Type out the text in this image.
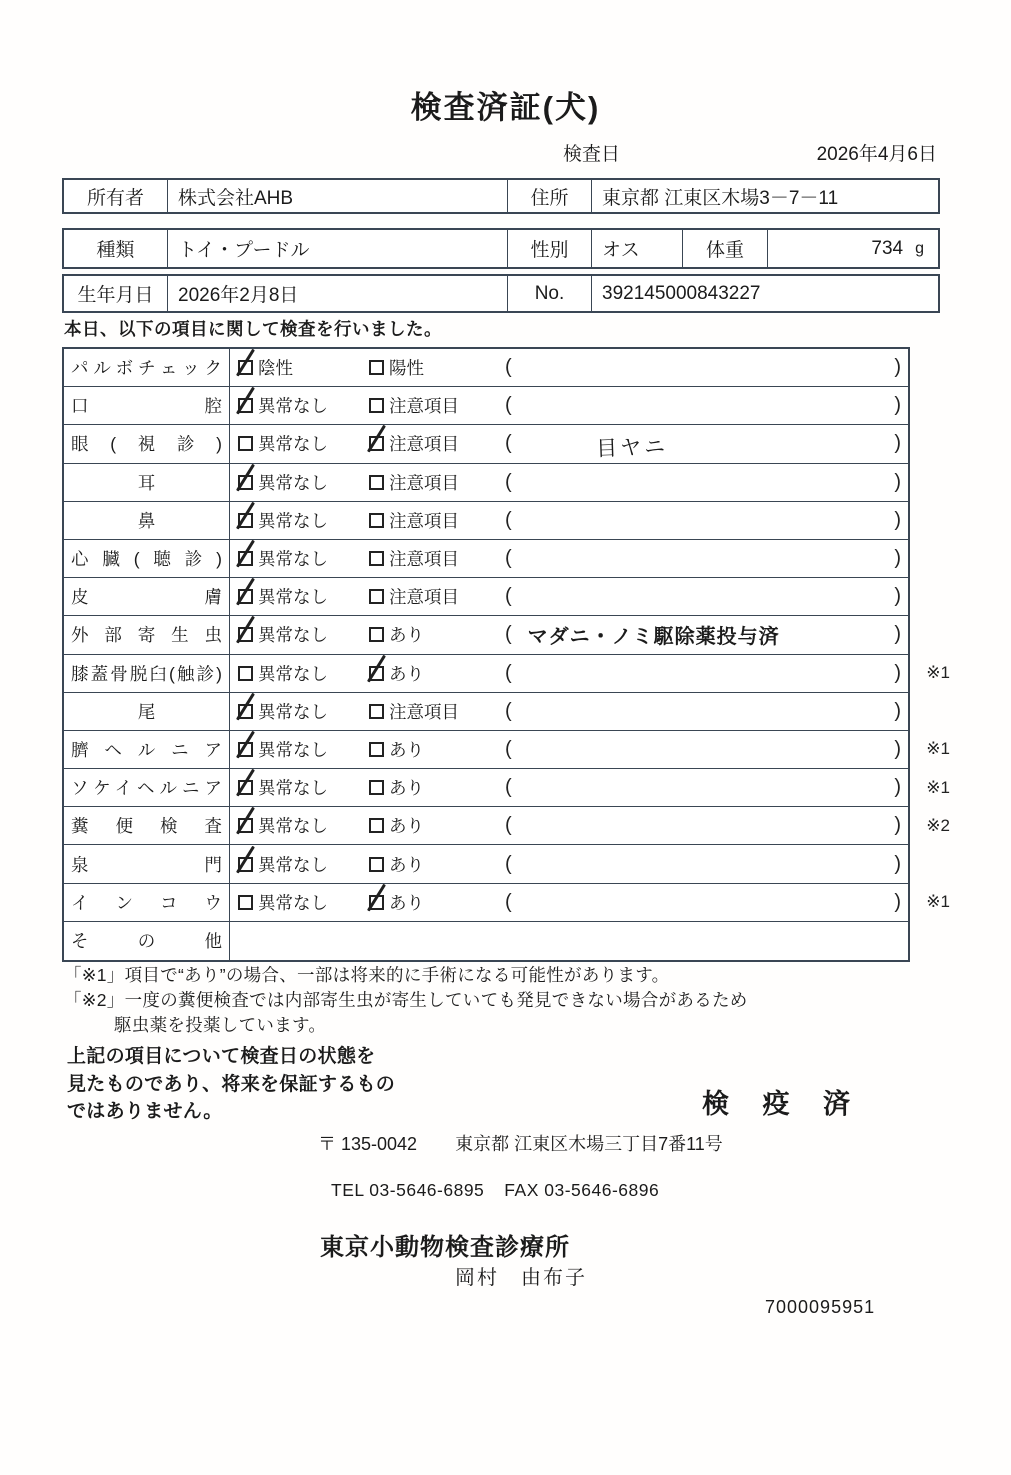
検査済証(犬)
検査日	2026年4月6日
所有者	株式会社AHB	住所	東京都 江東区木場3－7－11
種類	トイ・プードル	性別	オス	体重	734 g
生年月日	2026年2月8日	No.	392145000843227
本日、以下の項目に関して検査を行いました。
パルボチェック 陰性	陽性	(	)
口腔 異常なし	注意項目 (	)
眼(視診) 異常なし	注意項目 (	目ヤニ	)
耳	異常なし	注意項目 (	)
鼻	異常なし	注意項目 (	)
心臓(聴診) 異常なし	注意項目 (	)
皮膚 異常なし	注意項目 (	)
外部寄生虫 異常なし	あり	( マダニ・ノミ駆除薬投与済	)
膝蓋骨脱臼(触診) 異常なし	あり	(	) ※1
尾	異常なし	注意項目 (	)
臍ヘルニア 異常なし	あり	(	) ※1
ソケイヘルニア 異常なし	あり	(	) ※1
糞便検査 異常なし	あり	(	) ※2
泉門 異常なし	あり	(	)
インコウ 異常なし	あり	(	) ※1
その他
「※1」項目で“あり”の場合、一部は将来的に手術になる可能性があります。
「※2」一度の糞便検査では内部寄生虫が寄生していても発見できない場合があるため
駆虫薬を投薬しています。
上記の項目について検査日の状態を
見たものであり、将来を保証するもの
ではありません。	検 疫 済
〒 135-0042 東京都 江東区木場三丁目7番11号
TEL 03-5646-6895 FAX 03-5646-6896
東京小動物検査診療所
岡村　由布子
7000095951
